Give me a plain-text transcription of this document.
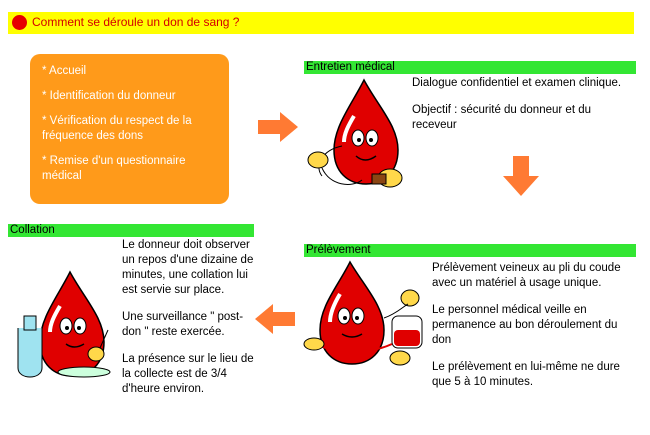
Comment se déroule un don de sang ?
* Accueil
* Identification du donneur
* Vérification du respect de la fréquence des dons
* Remise d'un questionnaire médical
Entretien médical

Dialogue confidentiel et examen clinique.

Objectif : sécurité du donneur et du receveur

Prélèvement

Prélèvement veineux au pli du coude avec un matériel à usage unique.

Le personnel médical veille en permanence au bon déroulement du don

Le prélèvement en lui-même ne dure que 5 à 10 minutes.

Collation

Le donneur doit observer un repos d'une dizaine de minutes, une collation lui est servie sur place.

Une surveillance " post-don " reste exercée.

La présence sur le lieu de la collecte est de 3/4 d'heure environ.
